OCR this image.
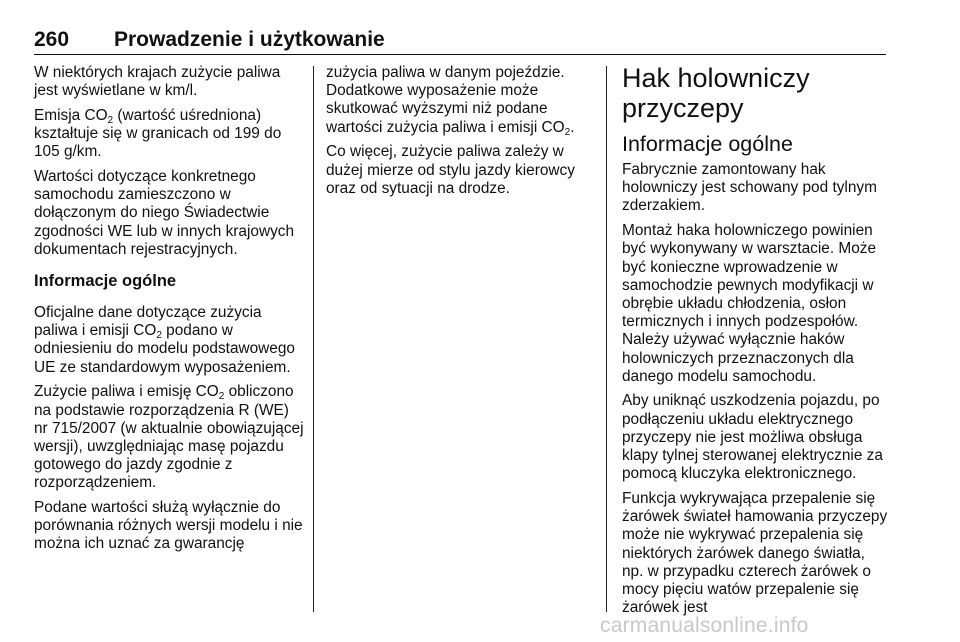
260 Prowadzenie i użytkowanie

W niektórych krajach zużycie paliwa jest wyświetlane w km/l.

Emisja $CO_2$ (wartość uśredniona) kształtuje się w granicach od 199 do 105 g/km.

Wartości dotyczące konkretnego samochodu zamieszczono w dołączonym do niego Świadectwie zgodności WE lub w innych krajowych dokumentach rejestracyjnych.

Informacje ogólne

Oficjalne dane dotyczące zużycia paliwa i emisji $CO_2$ podano w odniesieniu do modelu podstawowego UE ze standardowym wyposażeniem.

Zużycie paliwa i emisję $CO_2$ obliczono na podstawie rozporządzenia R (WE) nr 715/2007 (w aktualnie obowiązującej wersji), uwzględniając masę pojazdu gotowego do jazdy zgodnie z rozporządzeniem.

Podane wartości służą wyłącznie do porównania różnych wersji modelu i nie można ich uznać za gwarancję

zużycia paliwa w danym pojeździe. Dodatkowe wyposażenie może skutkować wyższymi niż podane wartości zużycia paliwa i emisji $CO_2$.

Co więcej, zużycie paliwa zależy w dużej mierze od stylu jazdy kierowcy oraz od sytuacji na drodze.

Hak holowniczy przyczepy
Informacje ogólne

Fabrycznie zamontowany hak holowniczy jest schowany pod tylnym zderzakiem.

Montaż haka holowniczego powinien być wykonywany w warsztacie. Może być konieczne wprowadzenie w samochodzie pewnych modyfikacji w obrębie układu chłodzenia, osłon termicznych i innych podzespołów. Należy używać wyłącznie haków holowniczych przeznaczonych dla danego modelu samochodu.

Aby uniknąć uszkodzenia pojazdu, po podłączeniu układu elektrycznego przyczepy nie jest możliwa obsługa klapy tylnej sterowanej elektrycznie za pomocą kluczyka elektronicznego.

Funkcja wykrywająca przepalenie się żarówek świateł hamowania przyczepy może nie wykrywać przepalenia się niektórych żarówek danego światła, np. w przypadku czterech żarówek o mocy pięciu watów przepalenie się żarówek jest

carmanualsonline.info
